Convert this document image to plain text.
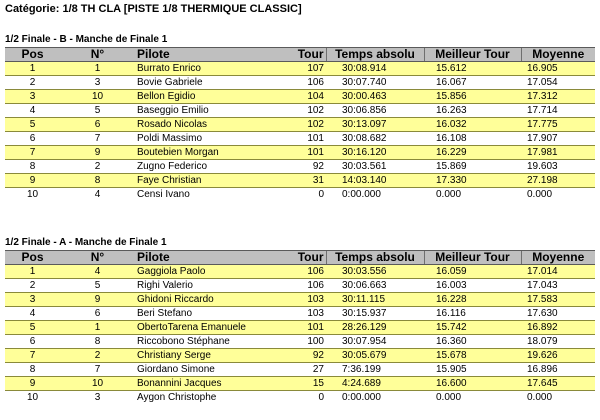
Catégorie: 1/8 TH CLA [PISTE 1/8 THERMIQUE CLASSIC]
1/2 Finale - B - Manche de Finale 1
Pos	N°	Pilote	Tour	Temps absolu	Meilleur Tour	Moyenne
1	1	Burrato Enrico	107	30:08.914	15.612	16.905
2	3	Bovie Gabriele	106	30:07.740	16.067	17.054
3	10	Bellon Egidio	104	30:00.463	15.856	17.312
4	5	Baseggio Emilio	102	30:06.856	16.263	17.714
5	6	Rosado Nicolas	102	30:13.097	16.032	17.775
6	7	Poldi Massimo	101	30:08.682	16.108	17.907
7	9	Boutebien Morgan	101	30:16.120	16.229	17.981
8	2	Zugno Federico	92	30:03.561	15.869	19.603
9	8	Faye Christian	31	14:03.140	17.330	27.198
10	4	Censi Ivano	0	0:00.000	0.000	0.000
1/2 Finale - A - Manche de Finale 1
Pos	N°	Pilote	Tour	Temps absolu	Meilleur Tour	Moyenne
1	4	Gaggiola Paolo	106	30:03.556	16.059	17.014
2	5	Righi Valerio	106	30:06.663	16.003	17.043
3	9	Ghidoni Riccardo	103	30:11.115	16.228	17.583
4	6	Beri Stefano	103	30:15.937	16.116	17.630
5	1	ObertoTarena Emanuele	101	28:26.129	15.742	16.892
6	8	Riccobono Stéphane	100	30:07.954	16.360	18.079
7	2	Christiany Serge	92	30:05.679	15.678	19.626
8	7	Giordano Simone	27	7:36.199	15.905	16.896
9	10	Bonannini Jacques	15	4:24.689	16.600	17.645
10	3	Aygon Christophe	0	0:00.000	0.000	0.000
